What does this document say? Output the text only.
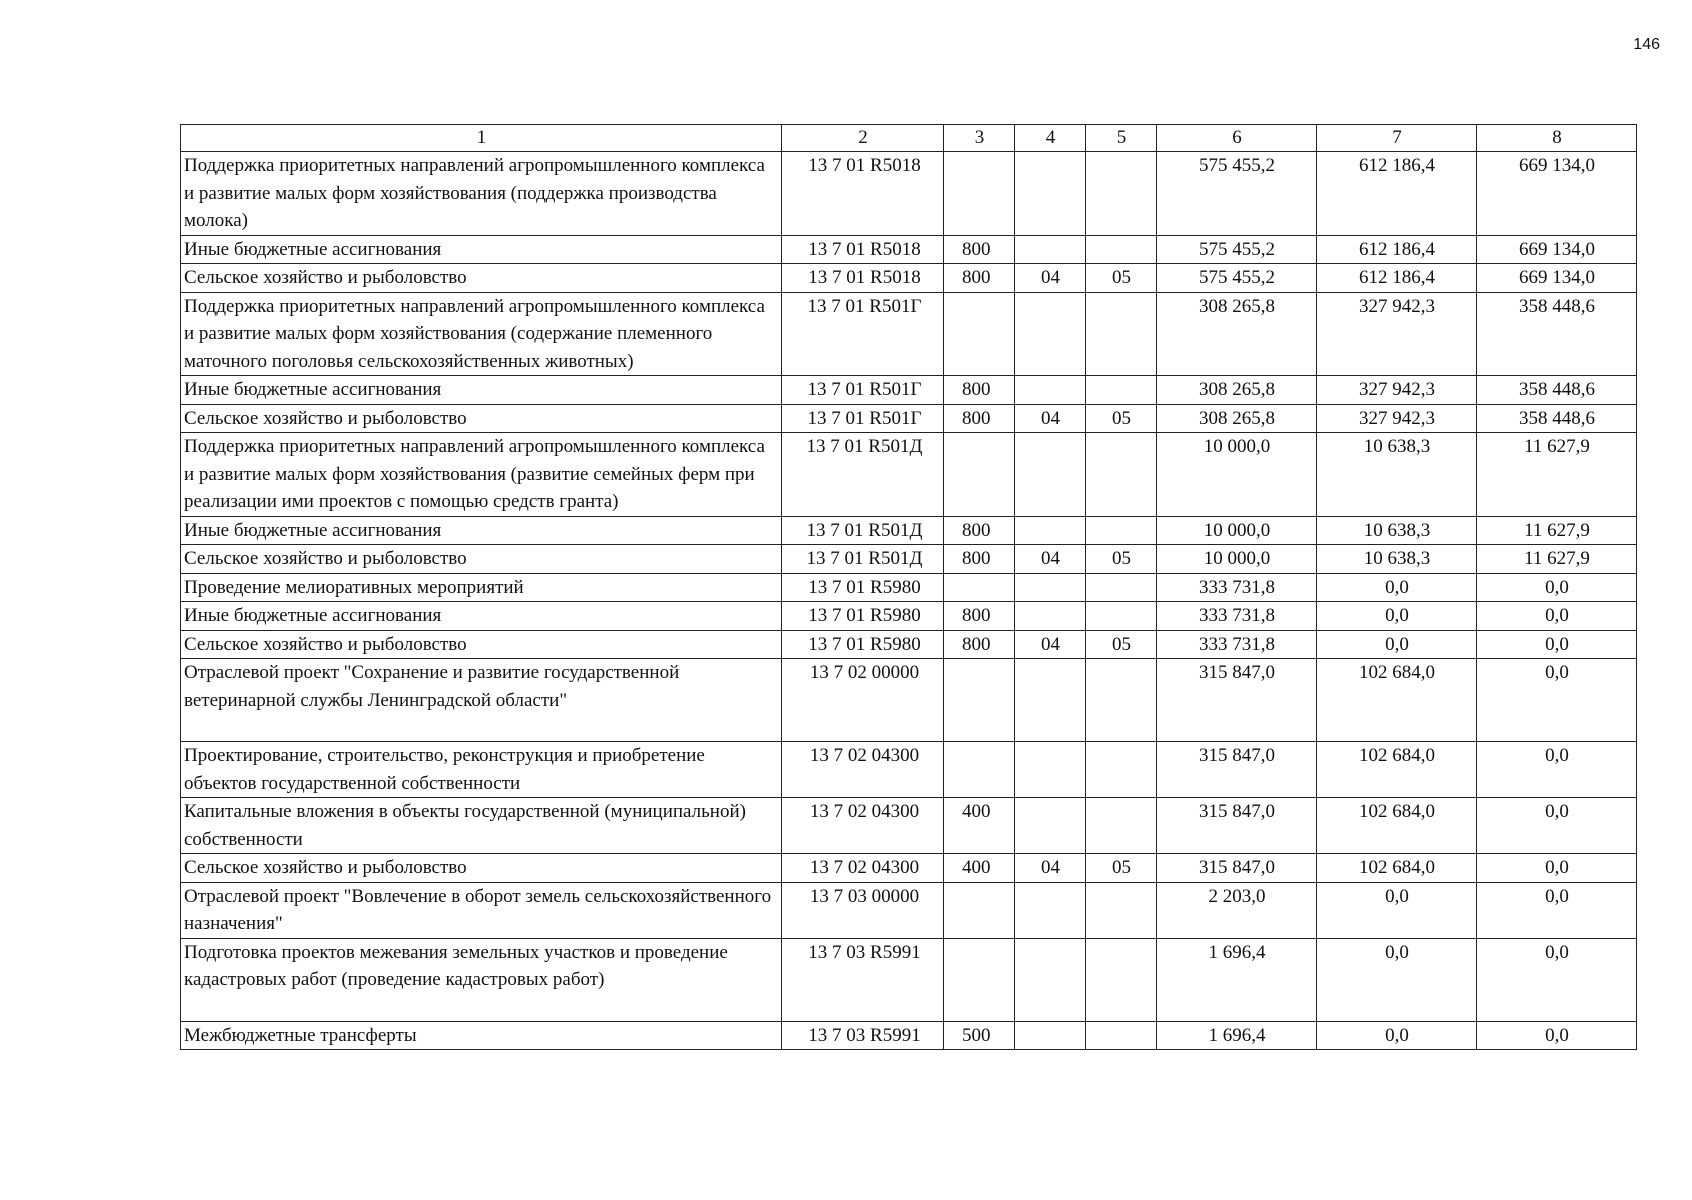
146
1	2	3	4	5	6	7	8
Поддержка приоритетных направлений агропромышленного комплекса и развитие малых форм хозяйствования (поддержка производства молока)	13 7 01 R5018				575 455,2	612 186,4	669 134,0
Иные бюджетные ассигнования	13 7 01 R5018	800			575 455,2	612 186,4	669 134,0
Сельское хозяйство и рыболовство	13 7 01 R5018	800	04	05	575 455,2	612 186,4	669 134,0
Поддержка приоритетных направлений агропромышленного комплекса и развитие малых форм хозяйствования (содержание племенного маточного поголовья сельскохозяйственных животных)	13 7 01 R501Г				308 265,8	327 942,3	358 448,6
Иные бюджетные ассигнования	13 7 01 R501Г	800			308 265,8	327 942,3	358 448,6
Сельское хозяйство и рыболовство	13 7 01 R501Г	800	04	05	308 265,8	327 942,3	358 448,6
Поддержка приоритетных направлений агропромышленного комплекса и развитие малых форм хозяйствования (развитие семейных ферм при реализации ими проектов с помощью средств гранта)	13 7 01 R501Д				10 000,0	10 638,3	11 627,9
Иные бюджетные ассигнования	13 7 01 R501Д	800			10 000,0	10 638,3	11 627,9
Сельское хозяйство и рыболовство	13 7 01 R501Д	800	04	05	10 000,0	10 638,3	11 627,9
Проведение мелиоративных мероприятий	13 7 01 R5980				333 731,8	0,0	0,0
Иные бюджетные ассигнования	13 7 01 R5980	800			333 731,8	0,0	0,0
Сельское хозяйство и рыболовство	13 7 01 R5980	800	04	05	333 731,8	0,0	0,0
Отраслевой проект "Сохранение и развитие государственной ветеринарной службы Ленинградской области"	13 7 02 00000				315 847,0	102 684,0	0,0
Проектирование, строительство, реконструкция и приобретение объектов государственной собственности	13 7 02 04300				315 847,0	102 684,0	0,0
Капитальные вложения в объекты государственной (муниципальной) собственности	13 7 02 04300	400			315 847,0	102 684,0	0,0
Сельское хозяйство и рыболовство	13 7 02 04300	400	04	05	315 847,0	102 684,0	0,0
Отраслевой проект "Вовлечение в оборот земель сельскохозяйственного назначения"	13 7 03 00000				2 203,0	0,0	0,0
Подготовка проектов межевания земельных участков и проведение кадастровых работ (проведение кадастровых работ)	13 7 03 R5991				1 696,4	0,0	0,0
Межбюджетные трансферты	13 7 03 R5991	500			1 696,4	0,0	0,0
